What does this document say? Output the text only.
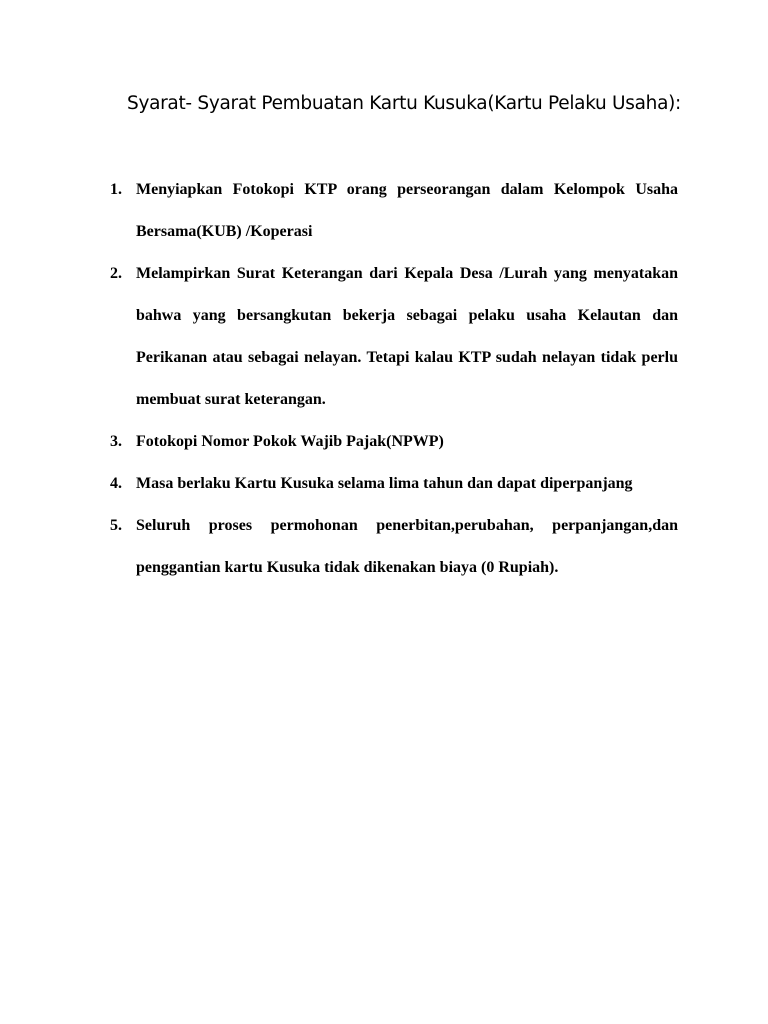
Syarat- Syarat Pembuatan Kartu Kusuka(Kartu Pelaku Usaha):
1. Menyiapkan Fotokopi KTP orang perseorangan dalam Kelompok Usaha Bersama(KUB) /Koperasi
2. Melampirkan Surat Keterangan dari Kepala Desa /Lurah yang menyatakan bahwa yang bersangkutan bekerja sebagai pelaku usaha Kelautan dan Perikanan atau sebagai nelayan. Tetapi kalau KTP sudah nelayan tidak perlu membuat surat keterangan.
3. Fotokopi Nomor Pokok Wajib Pajak(NPWP)
4. Masa berlaku Kartu Kusuka selama lima tahun dan dapat diperpanjang
5. Seluruh proses permohonan penerbitan,perubahan, perpanjangan,dan penggantian kartu Kusuka tidak dikenakan biaya (0 Rupiah).
